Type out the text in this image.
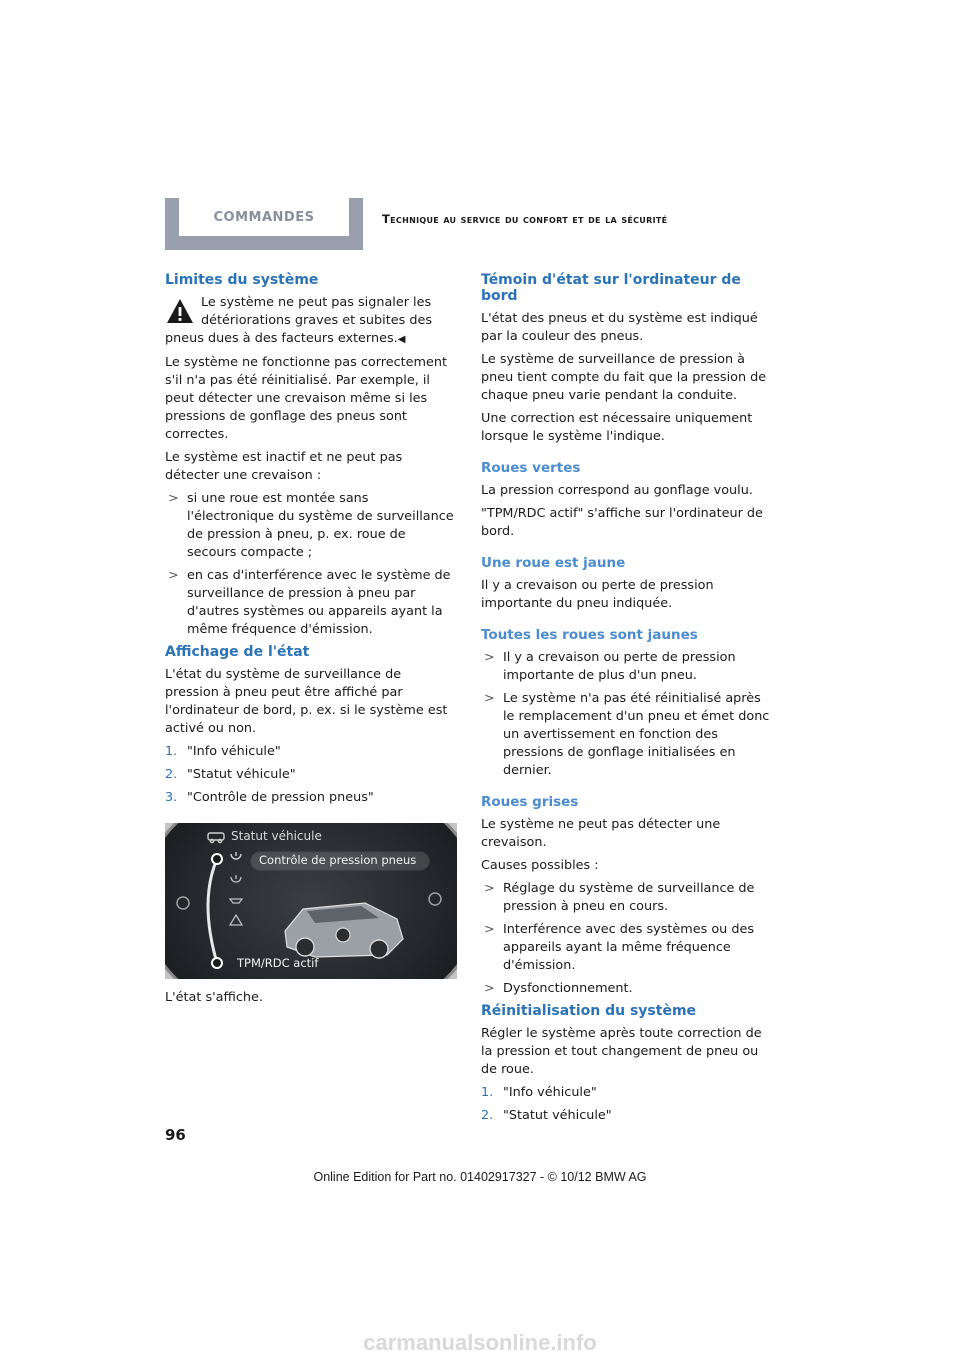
COMMANDES	Technique au service du confort et de la sécurité
Limites du système

Le système ne peut pas signaler les détériorations graves et subites des pneus dues à des facteurs externes.◀

Le système ne fonctionne pas correctement s'il n'a pas été réinitialisé. Par exemple, il peut détecter une crevaison même si les pressions de gonflage des pneus sont correctes.

Le système est inactif et ne peut pas détecter une crevaison :

> si une roue est montée sans l'électronique du système de surveillance de pression à pneu, p. ex. roue de secours compacte ;
> en cas d'interférence avec le système de surveillance de pression à pneu par d'autres systèmes ou appareils ayant la même fréquence d'émission.
Affichage de l'état

L'état du système de surveillance de pression à pneu peut être affiché par l'ordinateur de bord, p. ex. si le système est activé ou non.

1. "Info véhicule"
2. "Statut véhicule"
3. "Contrôle de pression pneus"
Statut véhicule
Contrôle de pression pneus
TPM/RDC actif

L'état s'affiche.

Témoin d'état sur l'ordinateur de bord

L'état des pneus et du système est indiqué par la couleur des pneus.

Le système de surveillance de pression à pneu tient compte du fait que la pression de chaque pneu varie pendant la conduite.

Une correction est nécessaire uniquement lorsque le système l'indique.

Roues vertes

La pression correspond au gonflage voulu.

"TPM/RDC actif" s'affiche sur l'ordinateur de bord.

Une roue est jaune

Il y a crevaison ou perte de pression importante du pneu indiquée.

Toutes les roues sont jaunes
> Il y a crevaison ou perte de pression importante de plus d'un pneu.
> Le système n'a pas été réinitialisé après le remplacement d'un pneu et émet donc un avertissement en fonction des pressions de gonflage initialisées en dernier.
Roues grises

Le système ne peut pas détecter une crevaison.

Causes possibles :

> Réglage du système de surveillance de pression à pneu en cours.
> Interférence avec des systèmes ou des appareils ayant la même fréquence d'émission.
> Dysfonctionnement.
Réinitialisation du système

Régler le système après toute correction de la pression et tout changement de pneu ou de roue.

1. "Info véhicule"
2. "Statut véhicule"
96
Online Edition for Part no. 01402917327 - © 10/12 BMW AG
carmanualsonline.info
